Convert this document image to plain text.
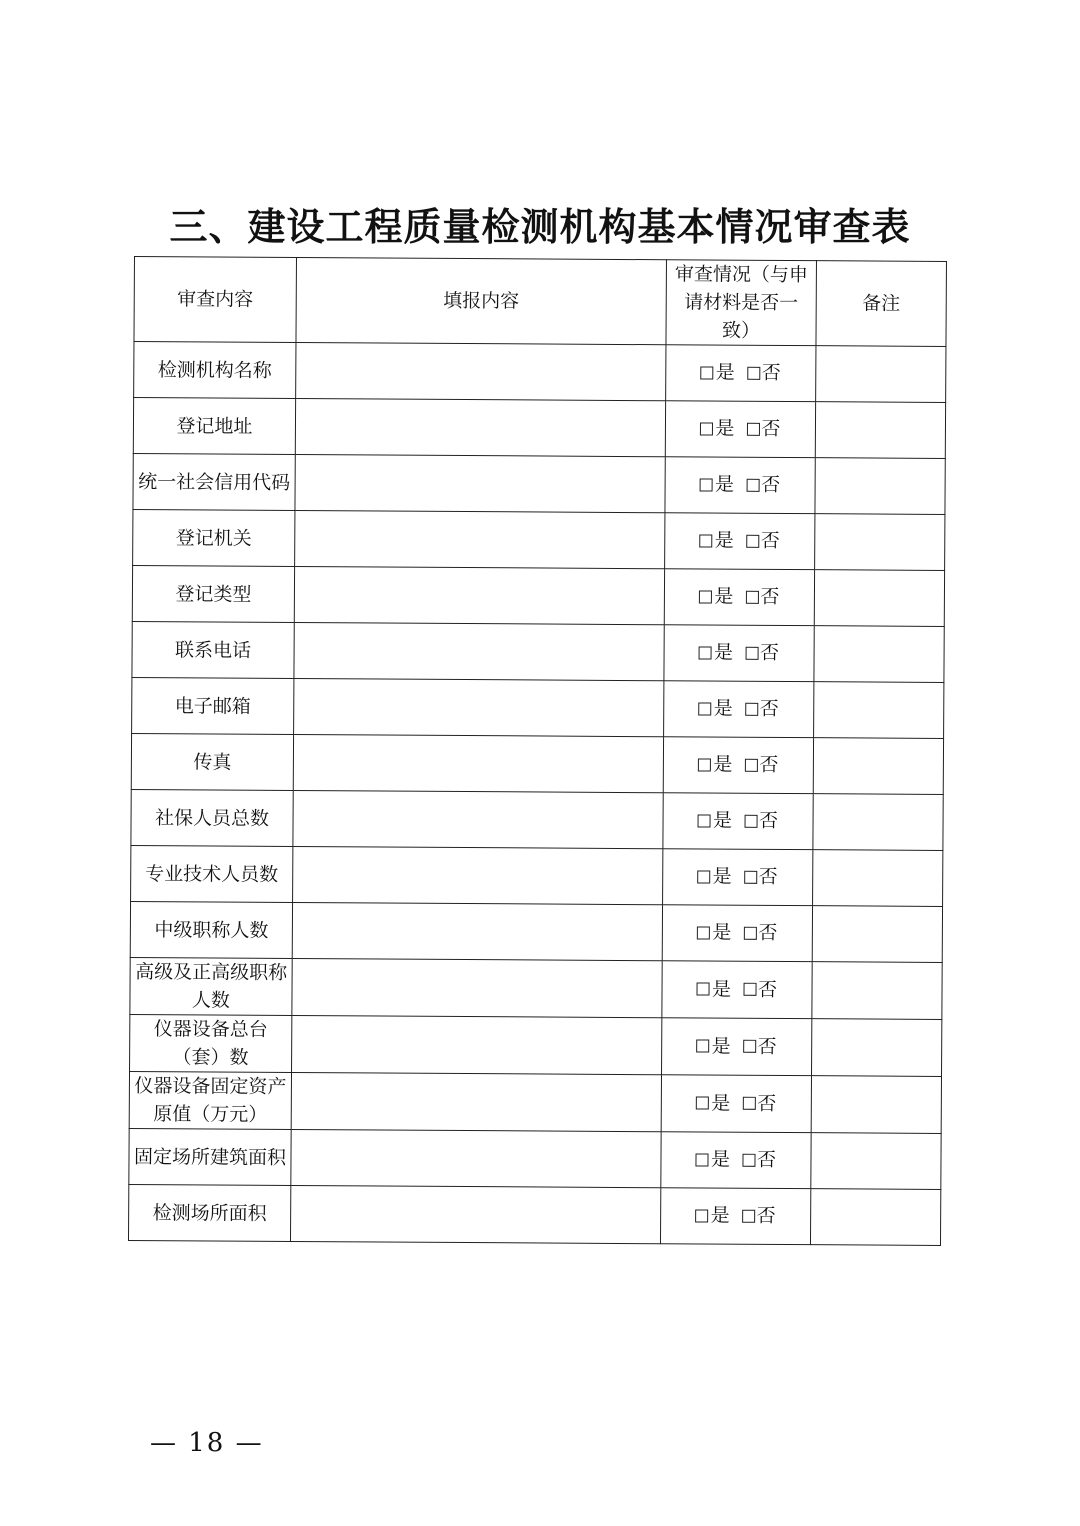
三、建设工程质量检测机构基本情况审查表
审查内容	填报内容	审查情况（与申请材料是否一致）	备注
检测机构名称		是 否	

登记地址		是 否	

统一社会信用代码		是 否	

登记机关		是 否	

登记类型		是 否	

联系电话		是 否	

电子邮箱		是 否	

传真		是 否	

社保人员总数		是 否	

专业技术人员数		是 否	

中级职称人数		是 否	

高级及正高级职称人数		是 否	

仪器设备总台（套）数		是 否	

仪器设备固定资产原值（万元）		是 否	

固定场所建筑面积		是 否	

检测场所面积		是 否	

— 18 —
